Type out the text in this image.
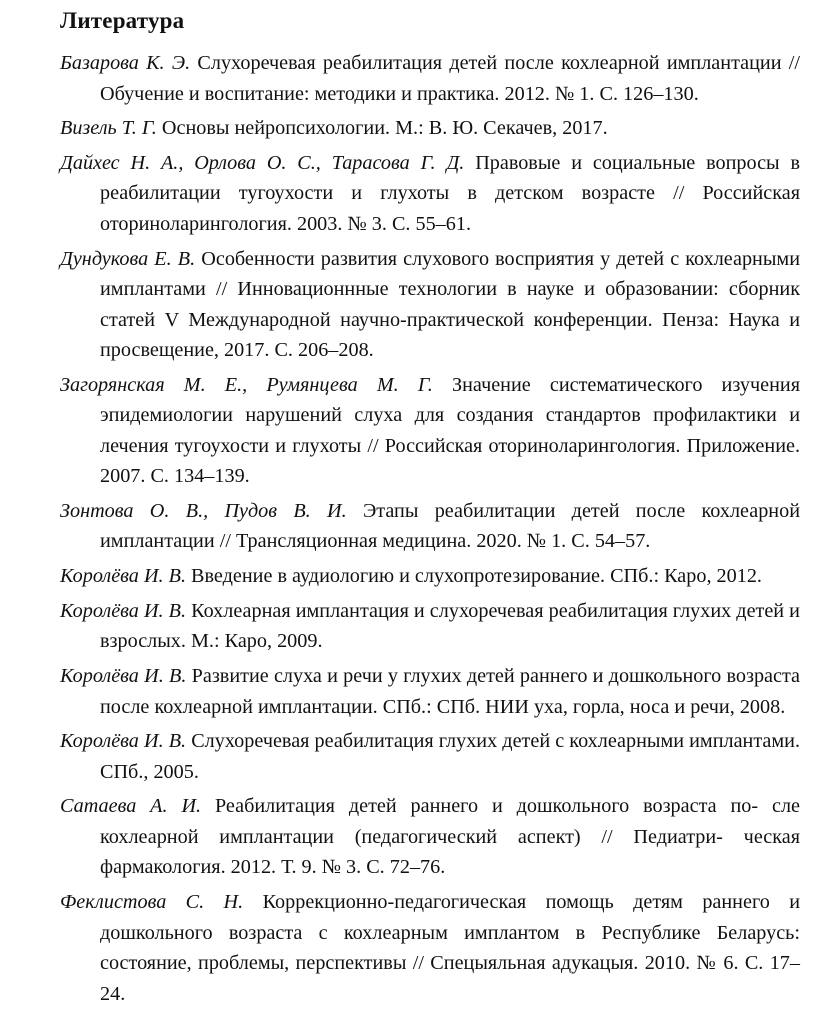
Литература
Базарова К. Э. Слухоречевая реабилитация детей после кохлеарной имплантации // Обучение и воспитание: методики и практика. 2012. № 1. С. 126–130.
Визель Т. Г. Основы нейропсихологии. М.: В. Ю. Секачев, 2017.
Дайхес Н. А., Орлова О. С., Тарасова Г. Д. Правовые и социальные вопросы в реабилитации тугоухости и глухоты в детском возрасте // Российская оториноларингология. 2003. № 3. С. 55–61.
Дундукова Е. В. Особенности развития слухового восприятия у детей с кохлеарными имплантами // Инновационнные технологии в науке и образовании: сборник статей V Международной научно-практической конференции. Пенза: Наука и просвещение, 2017. С. 206–208.
Загорянская М. Е., Румянцева М. Г. Значение систематического изучения эпидемиологии нарушений слуха для создания стандартов профилактики и лечения тугоухости и глухоты // Российская оториноларингология. Приложение. 2007. С. 134–139.
Зонтова О. В., Пудов В. И. Этапы реабилитации детей после кохлеарной имплантации // Трансляционная медицина. 2020. № 1. С. 54–57.
Королёва И. В. Введение в аудиологию и слухопротезирование. СПб.: Каро, 2012.
Королёва И. В. Кохлеарная имплантация и слухоречевая реабилитация глухих детей и взрослых. М.: Каро, 2009.
Королёва И. В. Развитие слуха и речи у глухих детей раннего и дошкольного возраста после кохлеарной имплантации. СПб.: СПб. НИИ уха, горла, носа и речи, 2008.
Королёва И. В. Слухоречевая реабилитация глухих детей с кохлеарными имплантами. СПб., 2005.
Сатаева А. И. Реабилитация детей раннего и дошкольного возраста по- сле кохлеарной имплантации (педагогический аспект) // Педиатри- ческая фармакология. 2012. Т. 9. № 3. С. 72–76.
Феклистова С. Н. Коррекционно-педагогическая помощь детям раннего и дошкольного возраста с кохлеарным имплантом в Республике Беларусь: состояние, проблемы, перспективы // Спецыяльная адукацыя. 2010. № 6. С. 17–24.
